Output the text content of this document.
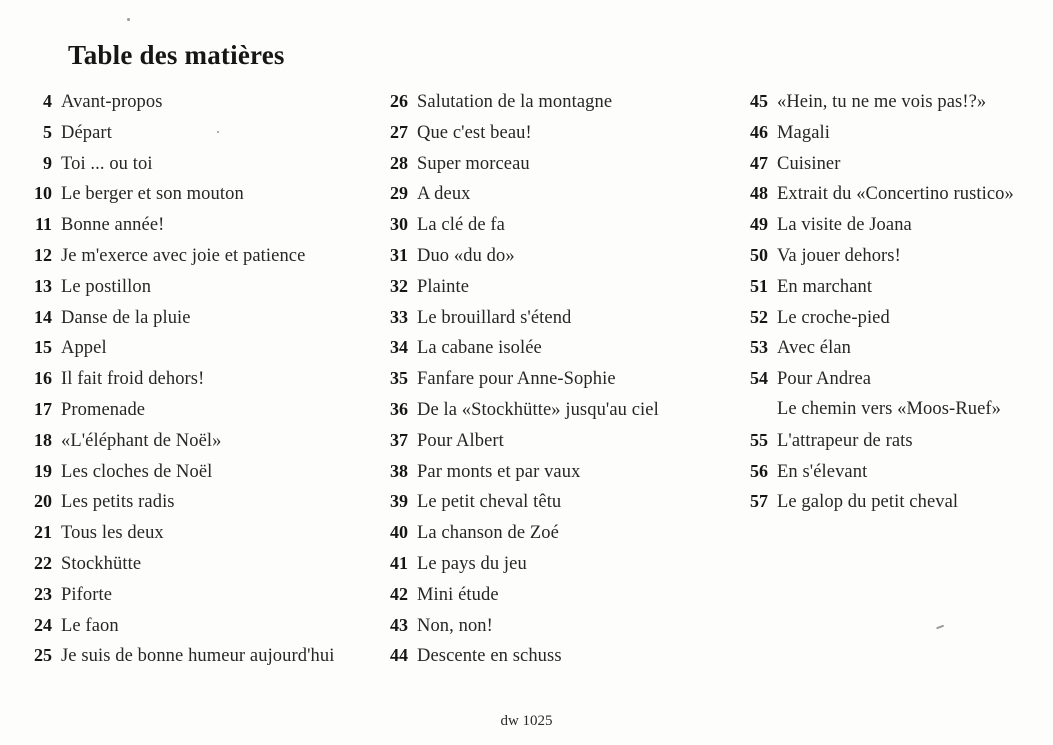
Table des matières
4 Avant-propos
5 Départ
9 Toi ... ou toi
10 Le berger et son mouton
11 Bonne année!
12 Je m'exerce avec joie et patience
13 Le postillon
14 Danse de la pluie
15 Appel
16 Il fait froid dehors!
17 Promenade
18 «L'éléphant de Noël»
19 Les cloches de Noël
20 Les petits radis
21 Tous les deux
22 Stockhütte
23 Piforte
24 Le faon
25 Je suis de bonne humeur aujourd'hui
26 Salutation de la montagne
27 Que c'est beau!
28 Super morceau
29 A deux
30 La clé de fa
31 Duo «du do»
32 Plainte
33 Le brouillard s'étend
34 La cabane isolée
35 Fanfare pour Anne-Sophie
36 De la «Stockhütte» jusqu'au ciel
37 Pour Albert
38 Par monts et par vaux
39 Le petit cheval têtu
40 La chanson de Zoé
41 Le pays du jeu
42 Mini étude
43 Non, non!
44 Descente en schuss
45 «Hein, tu ne me vois pas!?»
46 Magali
47 Cuisiner
48 Extrait du «Concertino rustico»
49 La visite de Joana
50 Va jouer dehors!
51 En marchant
52 Le croche-pied
53 Avec élan
54 Pour Andrea
Le chemin vers «Moos-Ruef»
55 L'attrapeur de rats
56 En s'élevant
57 Le galop du petit cheval
dw 1025
